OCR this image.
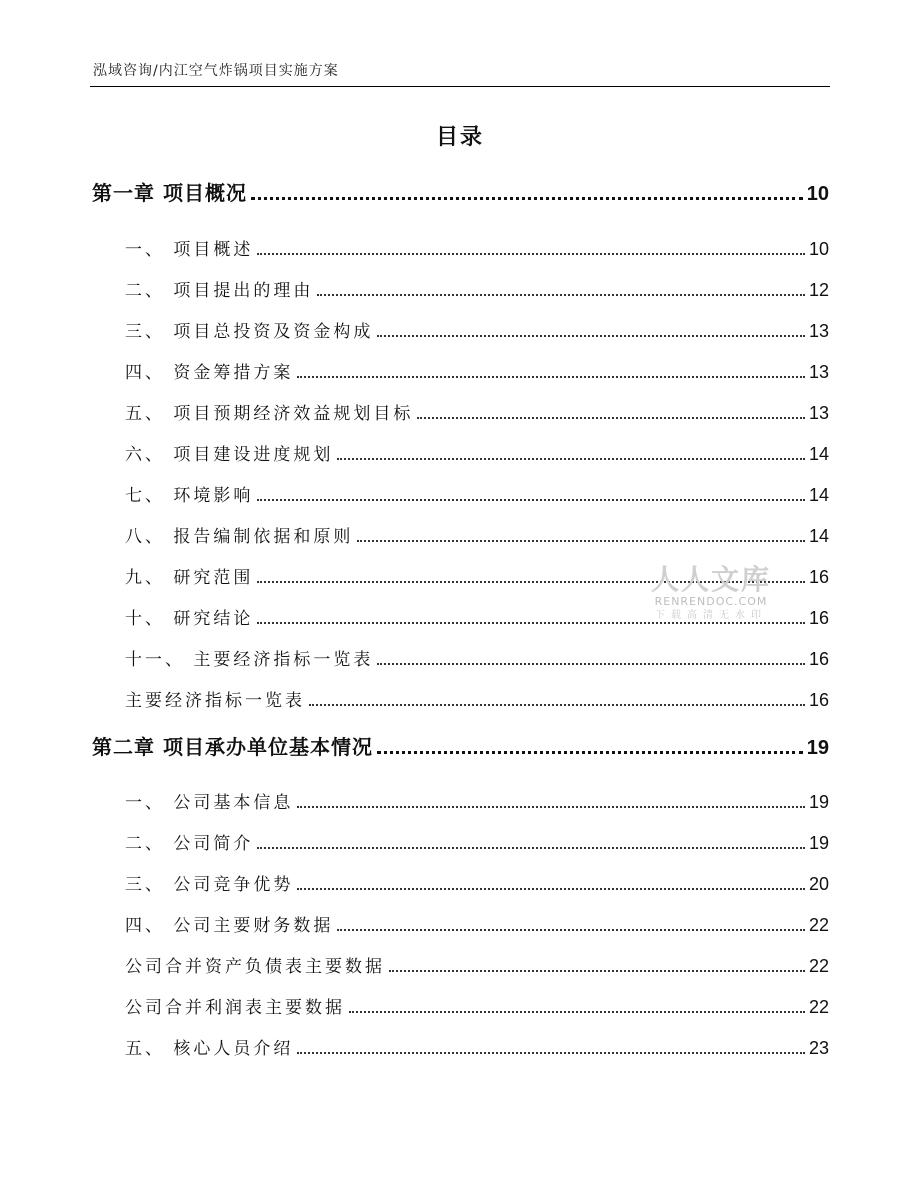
泓域咨询/内江空气炸锅项目实施方案
目录
第一章 项目概况	10
一、 项目概述	10
二、 项目提出的理由	12
三、 项目总投资及资金构成	13
四、 资金筹措方案	13
五、 项目预期经济效益规划目标	13
六、 项目建设进度规划	14
七、 环境影响	14
八、 报告编制依据和原则	14
九、 研究范围	16
十、 研究结论	16
十一、 主要经济指标一览表	16
主要经济指标一览表	16
第二章 项目承办单位基本情况	19
一、 公司基本信息	19
二、 公司简介	19
三、 公司竞争优势	20
四、 公司主要财务数据	22
公司合并资产负债表主要数据	22
公司合并利润表主要数据	22
五、 核心人员介绍	23
人人文库
RENRENDOC.COM
下载高清无水印
